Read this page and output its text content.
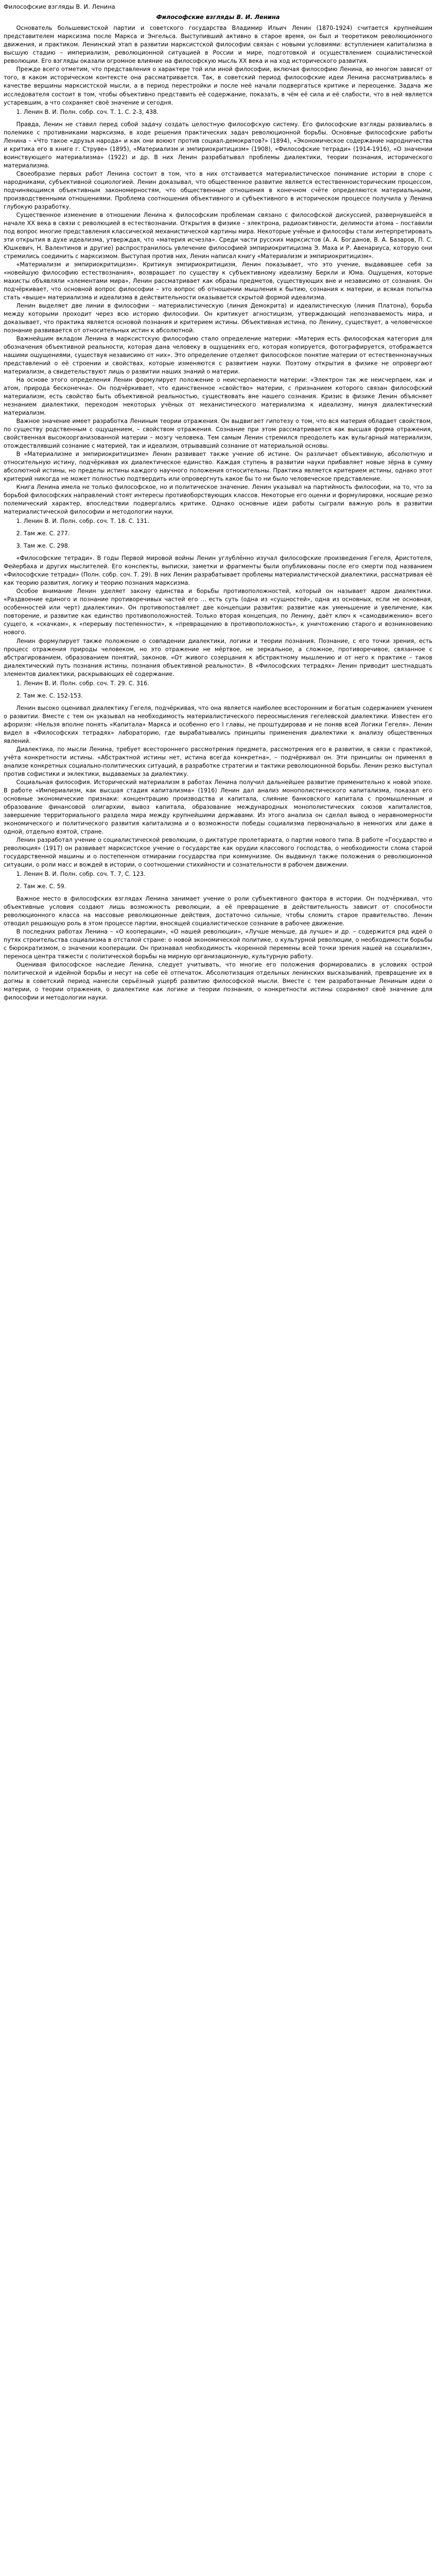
Философские взгляды В. И. Ленина
Философские взгляды В. И. Ленина

Основатель большевистской партии и советского государства Владимир Ильич Ленин (1870-1924) считается крупнейшим представителем марксизма после Маркса и Энгельса. Выступивший активно в старое время, он был и теоретиком революционного движения, и практиком. Ленинский этап в развитии марксистской философии связан с новыми условиями: вступлением капитализма в высшую стадию – империализм, революционной ситуацией в России и мире, подготовкой и осуществлением социалистической революции. Его взгляды оказали огромное влияние на философскую мысль XX века и на ход исторического развития.

Прежде всего отметим, что представления о характере той или иной философии, включая философию Ленина, во многом зависят от того, в каком историческом контексте она рассматривается. Так, в советский период философские идеи Ленина рассматривались в качестве вершины марксистской мысли, а в период перестройки и после неё начали подвергаться критике и переоценке. Задача же исследователя состоит в том, чтобы объективно представить её содержание, показать, в чём её сила и её слабости, что в ней является устаревшим, а что сохраняет своё значение и сегодня.

1. Ленин В. И. Полн. собр. соч. Т. 1. С. 2-3, 438.

Правда, Ленин не ставил перед собой задачу создать целостную философскую систему. Его философские взгляды развивались в полемике с противниками марксизма, в ходе решения практических задач революционной борьбы. Основные философские работы Ленина – «Что такое «друзья народа» и как они воюют против социал-демократов?» (1894), «Экономическое содержание народничества и критика его в книге г. Струве» (1895), «Материализм и эмпириокритицизм» (1908), «Философские тетради» (1914-1916), «О значении воинствующего материализма» (1922) и др. В них Ленин разрабатывал проблемы диалектики, теории познания, исторического материализма.

Своеобразие первых работ Ленина состоит в том, что в них отстаивается материалистическое понимание истории в споре с народниками, субъективной социологией. Ленин доказывал, что общественное развитие является естественноисторическим процессом, подчиняющимся объективным закономерностям, что общественные отношения в конечном счёте определяются материальными, производственными отношениями. Проблема соотношения объективного и субъективного в историческом процессе получила у Ленина глубокую разработку.

Существенное изменение в отношении Ленина к философским проблемам связано с философской дискуссией, развернувшейся в начале XX века в связи с революцией в естествознании. Открытия в физике – электрона, радиоактивности, делимости атома – поставили под вопрос многие представления классической механистической картины мира. Некоторые учёные и философы стали интерпретировать эти открытия в духе идеализма, утверждая, что «материя исчезла». Среди части русских марксистов (А. А. Богданов, В. А. Базаров, П. С. Юшкевич, Н. Валентинов и другие) распространилось увлечение философией эмпириокритицизма Э. Маха и Р. Авенариуса, которую они стремились соединить с марксизмом. Выступая против них, Ленин написал книгу «Материализм и эмпириокритицизм».

«Материализм и эмпириокритицизм». Критикуя эмпириокритицизм, Ленин показывает, что это учение, выдававшее себя за «новейшую философию естествознания», возвращает по существу к субъективному идеализму Беркли и Юма. Ощущения, которые махисты объявляли «элементами мира», Ленин рассматривает как образы предметов, существующих вне и независимо от сознания. Он подчёркивает, что основной вопрос философии – это вопрос об отношении мышления к бытию, сознания к материи, и всякая попытка стать «выше» материализма и идеализма в действительности оказывается скрытой формой идеализма.

Ленин выделяет две линии в философии – материалистическую (линия Демокрита) и идеалистическую (линия Платона), борьба между которыми проходит через всю историю философии. Он критикует агностицизм, утверждающий непознаваемость мира, и доказывает, что практика является основой познания и критерием истины. Объективная истина, по Ленину, существует, а человеческое познание развивается от относительных истин к абсолютной.

Важнейшим вкладом Ленина в марксистскую философию стало определение материи: «Материя есть философская категория для обозначения объективной реальности, которая дана человеку в ощущениях его, которая копируется, фотографируется, отображается нашими ощущениями, существуя независимо от них». Это определение отделяет философское понятие материи от естественнонаучных представлений о её строении и свойствах, которые изменяются с развитием науки. Поэтому открытия в физике не опровергают материализм, а свидетельствуют лишь о развитии наших знаний о материи.

На основе этого определения Ленин формулирует положение о неисчерпаемости материи: «Электрон так же неисчерпаем, как и атом, природа бесконечна». Он подчёркивает, что единственное «свойство» материи, с признанием которого связан философский материализм, есть свойство быть объективной реальностью, существовать вне нашего сознания. Кризис в физике Ленин объясняет незнанием диалектики, переходом некоторых учёных от механистического материализма к идеализму, минуя диалектический материализм.

Важное значение имеет разработка Лениным теории отражения. Он выдвигает гипотезу о том, что вся материя обладает свойством, по существу родственным с ощущением, – свойством отражения. Сознание при этом рассматривается как высшая форма отражения, свойственная высокоорганизованной материи – мозгу человека. Тем самым Ленин стремился преодолеть как вульгарный материализм, отождествлявший сознание с материей, так и идеализм, отрывавший сознание от материальной основы.

В «Материализме и эмпириокритицизме» Ленин развивает также учение об истине. Он различает объективную, абсолютную и относительную истину, подчёркивая их диалектическое единство. Каждая ступень в развитии науки прибавляет новые зёрна в сумму абсолютной истины, но пределы истины каждого научного положения относительны. Практика является критерием истины, однако этот критерий никогда не может полностью подтвердить или опровергнуть какое бы то ни было человеческое представление.

Книга Ленина имела не только философское, но и политическое значение. Ленин указывал на партийность философии, на то, что за борьбой философских направлений стоят интересы противоборствующих классов. Некоторые его оценки и формулировки, носящие резко полемический характер, впоследствии подвергались критике. Однако основные идеи работы сыграли важную роль в развитии материалистической философии и методологии науки.

1. Ленин В. И. Полн. собр. соч. Т. 18. С. 131.

2. Там же. С. 277.

3. Там же. С. 298.

«Философские тетради». В годы Первой мировой войны Ленин углублённо изучал философские произведения Гегеля, Аристотеля, Фейербаха и других мыслителей. Его конспекты, выписки, заметки и фрагменты были опубликованы после его смерти под названием «Философские тетради» (Полн. собр. соч. Т. 29). В них Ленин разрабатывает проблемы материалистической диалектики, рассматривая её как теорию развития, логику и теорию познания марксизма.

Особое внимание Ленин уделяет закону единства и борьбы противоположностей, который он называет ядром диалектики. «Раздвоение единого и познание противоречивых частей его ... есть суть (одна из «сущностей», одна из основных, если не основная, особенностей или черт) диалектики». Он противопоставляет две концепции развития: развитие как уменьшение и увеличение, как повторение, и развитие как единство противоположностей. Только вторая концепция, по Ленину, даёт ключ к «самодвижению» всего сущего, к «скачкам», к «перерыву постепенности», к «превращению в противоположность», к уничтожению старого и возникновению нового.

Ленин формулирует также положение о совпадении диалектики, логики и теории познания. Познание, с его точки зрения, есть процесс отражения природы человеком, но это отражение не мёртвое, не зеркальное, а сложное, противоречивое, связанное с абстрагированием, образованием понятий, законов. «От живого созерцания к абстрактному мышлению и от него к практике – таков диалектический путь познания истины, познания объективной реальности». В «Философских тетрадях» Ленин приводит шестнадцать элементов диалектики, раскрывающих её содержание.

1. Ленин В. И. Полн. собр. соч. Т. 29. С. 316.

2. Там же. С. 152-153.

Ленин высоко оценивал диалектику Гегеля, подчёркивая, что она является наиболее всесторонним и богатым содержанием учением о развитии. Вместе с тем он указывал на необходимость материалистического переосмысления гегелевской диалектики. Известен его афоризм: «Нельзя вполне понять «Капитала» Маркса и особенно его I главы, не проштудировав и не поняв всей Логики Гегеля». Ленин видел в «Философских тетрадях» лабораторию, где вырабатывались принципы применения диалектики к анализу общественных явлений.

Диалектика, по мысли Ленина, требует всестороннего рассмотрения предмета, рассмотрения его в развитии, в связи с практикой, учёта конкретности истины. «Абстрактной истины нет, истина всегда конкретна», – подчёркивал он. Эти принципы он применял в анализе конкретных социально-политических ситуаций, в разработке стратегии и тактики революционной борьбы. Ленин резко выступал против софистики и эклектики, выдаваемых за диалектику.

Социальная философия. Исторический материализм в работах Ленина получил дальнейшее развитие применительно к новой эпохе. В работе «Империализм, как высшая стадия капитализма» (1916) Ленин дал анализ монополистического капитализма, показал его основные экономические признаки: концентрацию производства и капитала, слияние банковского капитала с промышленным и образование финансовой олигархии, вывоз капитала, образование международных монополистических союзов капиталистов, завершение территориального раздела мира между крупнейшими державами. Из этого анализа он сделал вывод о неравномерности экономического и политического развития капитализма и о возможности победы социализма первоначально в немногих или даже в одной, отдельно взятой, стране.

Ленин разработал учение о социалистической революции, о диктатуре пролетариата, о партии нового типа. В работе «Государство и революция» (1917) он развивает марксистское учение о государстве как орудии классового господства, о необходимости слома старой государственной машины и о постепенном отмирании государства при коммунизме. Он выдвинул также положения о революционной ситуации, о роли масс и вождей в истории, о соотношении стихийности и сознательности в рабочем движении.

1. Ленин В. И. Полн. собр. соч. Т. 7, С. 123.

2. Там же. С. 59.

Важное место в философских взглядах Ленина занимает учение о роли субъективного фактора в истории. Он подчёркивал, что объективные условия создают лишь возможность революции, а её превращение в действительность зависит от способности революционного класса на массовые революционные действия, достаточно сильные, чтобы сломить старое правительство. Ленин отводил решающую роль в этом процессе партии, вносящей социалистическое сознание в рабочее движение.

В последних работах Ленина – «О кооперации», «О нашей революции», «Лучше меньше, да лучше» и др. – содержится ряд идей о путях строительства социализма в отсталой стране: о новой экономической политике, о культурной революции, о необходимости борьбы с бюрократизмом, о значении кооперации. Он признавал необходимость «коренной перемены всей точки зрения нашей на социализм», переноса центра тяжести с политической борьбы на мирную организационную, культурную работу.

Оценивая философское наследие Ленина, следует учитывать, что многие его положения формировались в условиях острой политической и идейной борьбы и несут на себе её отпечаток. Абсолютизация отдельных ленинских высказываний, превращение их в догмы в советский период нанесли серьёзный ущерб развитию философской мысли. Вместе с тем разработанные Лениным идеи о материи, о теории отражения, о диалектике как логике и теории познания, о конкретности истины сохраняют своё значение для философии и методологии науки.
